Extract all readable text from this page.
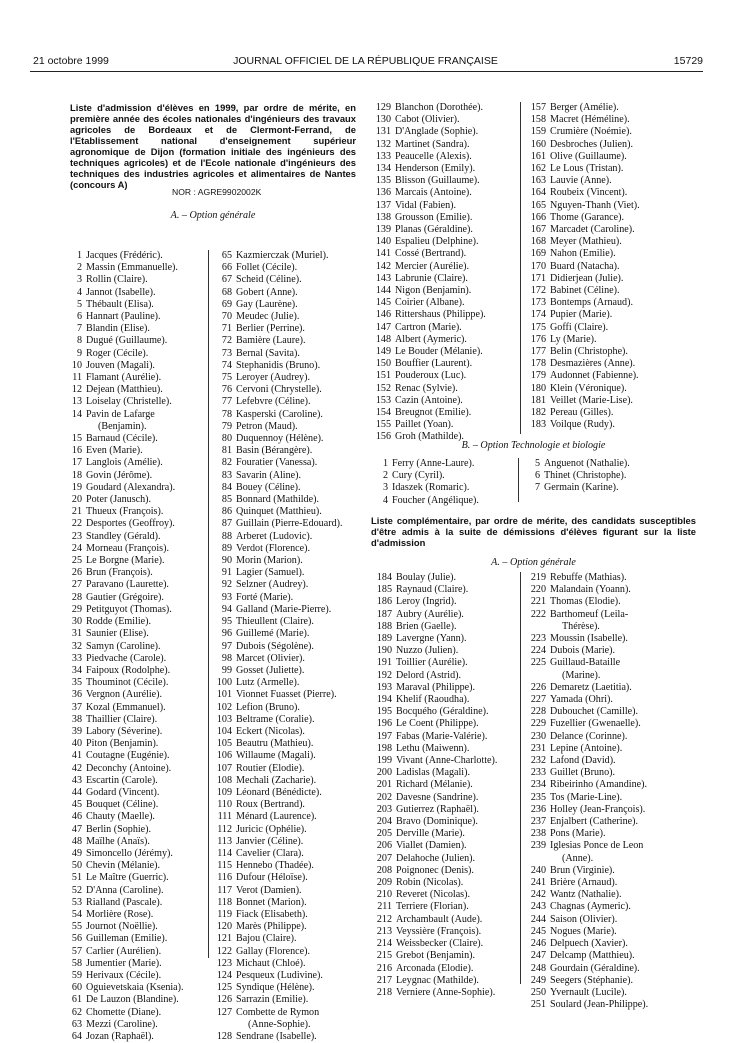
21 octobre 1999	JOURNAL OFFICIEL DE LA RÉPUBLIQUE FRANÇAISE	15729
Liste d'admission d'élèves en 1999, par ordre de mérite, en première année des écoles nationales d'ingénieurs des travaux agricoles de Bordeaux et de Clermont-Ferrand, de l'Etablissement national d'enseignement supérieur agronomique de Dijon (formation initiale des ingénieurs des techniques agricoles) et de l'Ecole nationale d'ingénieurs des techniques des industries agricoles et alimentaires de Nantes (concours A)
NOR : AGRE9902002K
A. – Option générale
1 Jacques (Frédéric).
2 Massin (Emmanuelle).
3 Rollin (Claire).
4 Jannot (Isabelle).
5 Thébault (Elisa).
6 Hannart (Pauline).
7 Blandin (Elise).
8 Dugué (Guillaume).
9 Roger (Cécile).
10 Jouven (Magali).
11 Flamant (Aurélie).
12 Dejean (Matthieu).
13 Loiselay (Christelle).
14 Pavin de Lafarge
(Benjamin).
15 Barnaud (Cécile).
16 Even (Marie).
17 Langlois (Amélie).
18 Govin (Jérôme).
19 Goudard (Alexandra).
20 Poter (Janusch).
21 Thueux (François).
22 Desportes (Geoffroy).
23 Standley (Gérald).
24 Morneau (François).
25 Le Borgne (Marie).
26 Brun (François).
27 Paravano (Laurette).
28 Gautier (Grégoire).
29 Petitguyot (Thomas).
30 Rodde (Emilie).
31 Saunier (Elise).
32 Samyn (Caroline).
33 Piedvache (Carole).
34 Faipoux (Rodolphe).
35 Thouminot (Cécile).
36 Vergnon (Aurélie).
37 Kozal (Emmanuel).
38 Thaillier (Claire).
39 Labory (Séverine).
40 Piton (Benjamin).
41 Coutagne (Eugénie).
42 Deconchy (Antoine).
43 Escartin (Carole).
44 Godard (Vincent).
45 Bouquet (Céline).
46 Chauty (Maelle).
47 Berlin (Sophie).
48 Maïlhe (Anaïs).
49 Simoncello (Jérémy).
50 Chevin (Mélanie).
51 Le Maître (Guerric).
52 D'Anna (Caroline).
53 Rialland (Pascale).
54 Morlière (Rose).
55 Journot (Noëllie).
56 Guilleman (Emilie).
57 Carlier (Aurélien).
58 Jumentier (Marie).
59 Herivaux (Cécile).
60 Oguievetskaia (Ksenia).
61 De Lauzon (Blandine).
62 Chomette (Diane).
63 Mezzi (Caroline).
64 Jozan (Raphaël).
65 Kazmierczak (Muriel).
66 Follet (Cécile).
67 Scheid (Céline).
68 Gobert (Anne).
69 Gay (Laurène).
70 Meudec (Julie).
71 Berlier (Perrine).
72 Bamière (Laure).
73 Bernal (Savita).
74 Stephanidis (Bruno).
75 Leroyer (Audrey).
76 Cervoni (Chrystelle).
77 Lefebvre (Céline).
78 Kasperski (Caroline).
79 Petron (Maud).
80 Duquennoy (Hélène).
81 Basin (Bérangère).
82 Fouratier (Vanessa).
83 Savarin (Aline).
84 Bouey (Céline).
85 Bonnard (Mathilde).
86 Quinquet (Matthieu).
87 Guillain (Pierre-Edouard).
88 Arberet (Ludovic).
89 Verdot (Florence).
90 Morin (Marion).
91 Lagier (Samuel).
92 Selzner (Audrey).
93 Forté (Marie).
94 Galland (Marie-Pierre).
95 Thieullent (Claire).
96 Guillemé (Marie).
97 Dubois (Ségolène).
98 Marcet (Olivier).
99 Gosset (Juliette).
100 Lutz (Armelle).
101 Vionnet Fuasset (Pierre).
102 Lefion (Bruno).
103 Beltrame (Coralie).
104 Eckert (Nicolas).
105 Beautru (Mathieu).
106 Willaume (Magali).
107 Routier (Elodie).
108 Mechali (Zacharie).
109 Léonard (Bénédicte).
110 Roux (Bertrand).
111 Ménard (Laurence).
112 Juricic (Ophélie).
113 Janvier (Céline).
114 Cavelier (Clara).
115 Hennebo (Thadée).
116 Dufour (Héloïse).
117 Verot (Damien).
118 Bonnet (Marion).
119 Fiack (Elisabeth).
120 Marès (Philippe).
121 Bajou (Claire).
122 Gallay (Florence).
123 Michaut (Chloé).
124 Pesqueux (Ludivine).
125 Syndique (Hélène).
126 Sarrazin (Emilie).
127 Combette de Rymon
(Anne-Sophie).
128 Sendrane (Isabelle).
129 Blanchon (Dorothée).
130 Cabot (Olivier).
131 D'Anglade (Sophie).
132 Martinet (Sandra).
133 Peaucelle (Alexis).
134 Henderson (Emily).
135 Blisson (Guillaume).
136 Marcais (Antoine).
137 Vidal (Fabien).
138 Grousson (Emilie).
139 Planas (Géraldine).
140 Espalieu (Delphine).
141 Cossé (Bertrand).
142 Mercier (Aurélie).
143 Labrunie (Claire).
144 Nigon (Benjamin).
145 Coirier (Albane).
146 Rittershaus (Philippe).
147 Cartron (Marie).
148 Albert (Aymeric).
149 Le Bouder (Mélanie).
150 Bouffier (Laurent).
151 Pouderoux (Luc).
152 Renac (Sylvie).
153 Cazin (Antoine).
154 Breugnot (Emilie).
155 Paillet (Yoan).
156 Groh (Mathilde).
157 Berger (Amélie).
158 Macret (Héméline).
159 Crumière (Noémie).
160 Desbroches (Julien).
161 Olive (Guillaume).
162 Le Lous (Tristan).
163 Lauvie (Anne).
164 Roubeix (Vincent).
165 Nguyen-Thanh (Viet).
166 Thome (Garance).
167 Marcadet (Caroline).
168 Meyer (Mathieu).
169 Nahon (Emilie).
170 Buard (Natacha).
171 Didierjean (Julie).
172 Babinet (Céline).
173 Bontemps (Arnaud).
174 Pupier (Marie).
175 Goffi (Claire).
176 Ly (Marie).
177 Belin (Christophe).
178 Desmazières (Anne).
179 Audonnet (Fabienne).
180 Klein (Véronique).
181 Veillet (Marie-Lise).
182 Pereau (Gilles).
183 Voilque (Rudy).
B. – Option Technologie et biologie
1 Ferry (Anne-Laure).
2 Cury (Cyril).
3 Idaszek (Romaric).
4 Foucher (Angélique).
5 Anguenot (Nathalie).
6 Thinet (Christophe).
7 Germain (Karine).
Liste complémentaire, par ordre de mérite, des candidats susceptibles d'être admis à la suite de démissions d'élèves figurant sur la liste d'admission
A. – Option générale
184 Boulay (Julie).
185 Raynaud (Claire).
186 Leroy (Ingrid).
187 Aubry (Aurélie).
188 Brien (Gaelle).
189 Lavergne (Yann).
190 Nuzzo (Julien).
191 Toillier (Aurélie).
192 Delord (Astrid).
193 Maraval (Philippe).
194 Khelif (Raoudha).
195 Bocquého (Géraldine).
196 Le Coent (Philippe).
197 Fabas (Marie-Valérie).
198 Lethu (Maiwenn).
199 Vivant (Anne-Charlotte).
200 Ladislas (Magali).
201 Richard (Mélanie).
202 Davesne (Sandrine).
203 Gutierrez (Raphaël).
204 Bravo (Dominique).
205 Derville (Marie).
206 Viallet (Damien).
207 Delahoche (Julien).
208 Poignonec (Denis).
209 Robin (Nicolas).
210 Reveret (Nicolas).
211 Terriere (Florian).
212 Archambault (Aude).
213 Veyssière (François).
214 Weissbecker (Claire).
215 Grebot (Benjamin).
216 Arconada (Elodie).
217 Leygnac (Mathilde).
218 Verniere (Anne-Sophie).
219 Rebuffe (Mathias).
220 Malandain (Yoann).
221 Thomas (Elodie).
222 Barthomeuf (Leila-
Thérèse).
223 Moussin (Isabelle).
224 Dubois (Marie).
225 Guillaud-Bataille
(Marine).
226 Demaretz (Laetitia).
227 Yamada (Ohri).
228 Dubouchet (Camille).
229 Fuzellier (Gwenaelle).
230 Delance (Corinne).
231 Lepine (Antoine).
232 Lafond (David).
233 Guillet (Bruno).
234 Ribeirinho (Amandine).
235 Tos (Marie-Line).
236 Holley (Jean-François).
237 Enjalbert (Catherine).
238 Pons (Marie).
239 Iglesias Ponce de Leon
(Anne).
240 Brun (Virginie).
241 Brière (Arnaud).
242 Wantz (Nathalie).
243 Chagnas (Aymeric).
244 Saison (Olivier).
245 Nogues (Marie).
246 Delpuech (Xavier).
247 Delcamp (Matthieu).
248 Gourdain (Géraldine).
249 Seegers (Stéphanie).
250 Yvernault (Lucile).
251 Soulard (Jean-Philippe).
